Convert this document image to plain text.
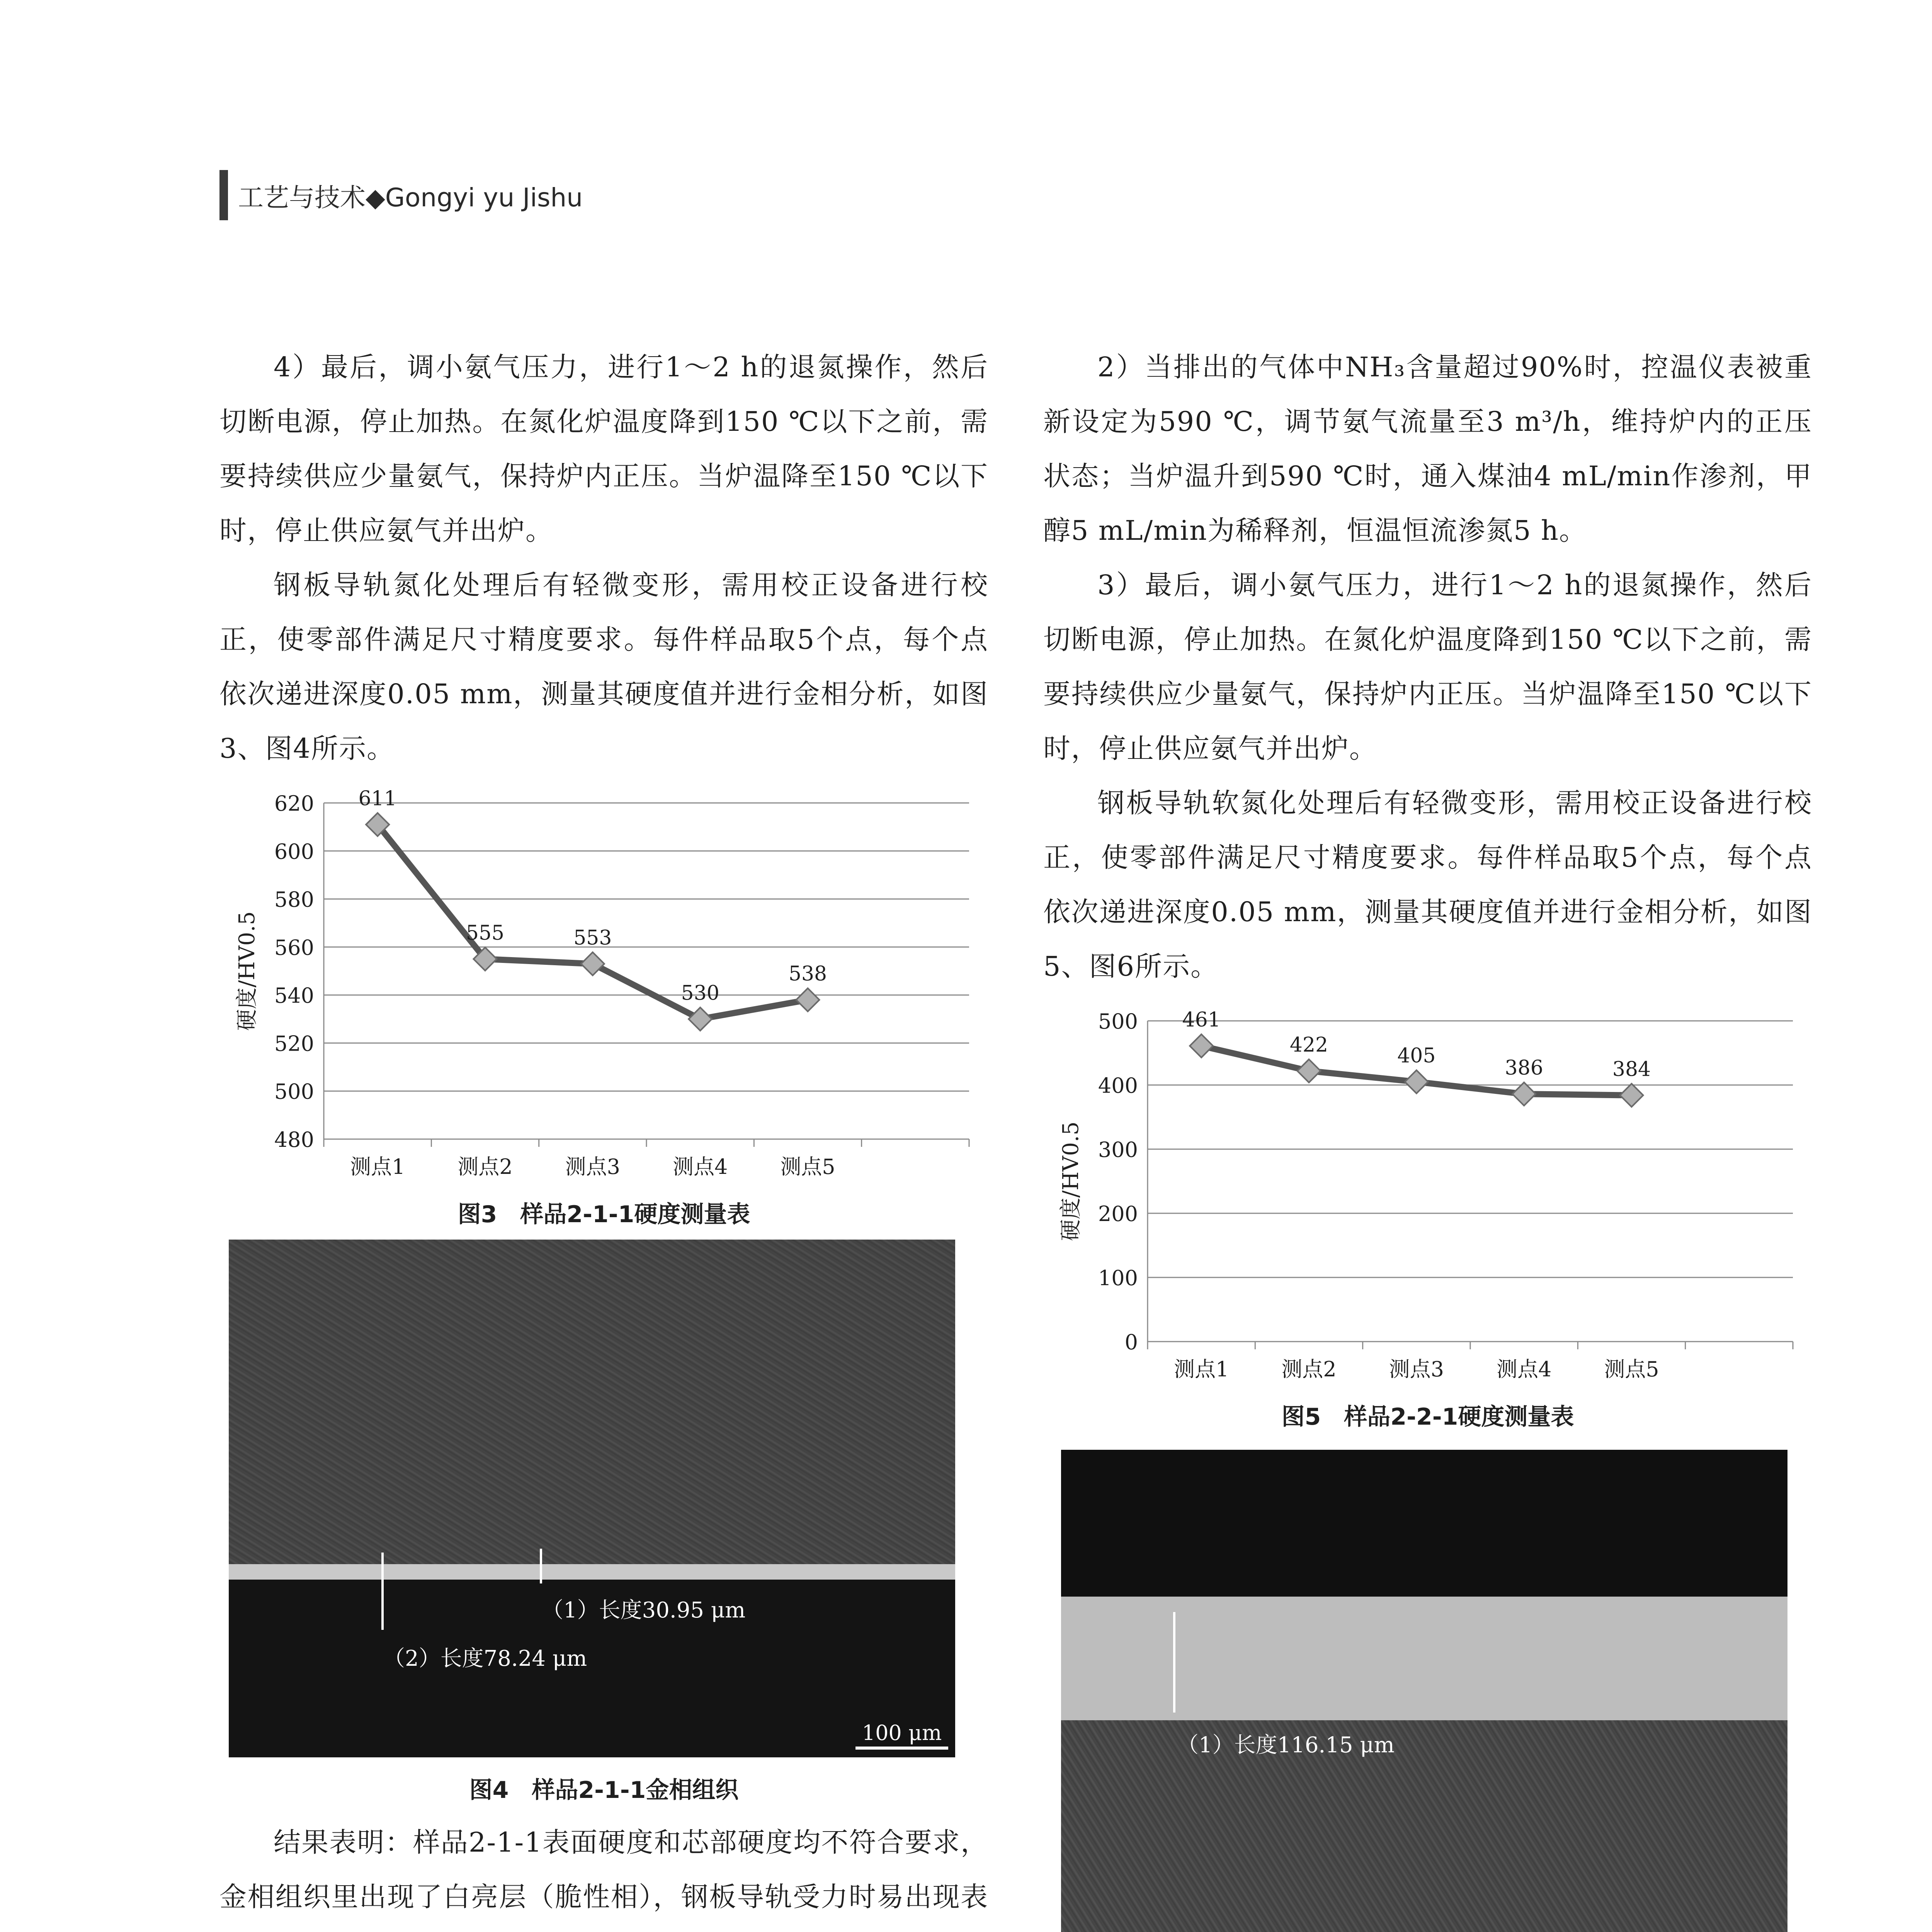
工艺与技术◆Gongyi yu Jishu

4）最后，调小氨气压力，进行1～2 h的退氮操作，然后切断电源，停止加热。在氮化炉温度降到150 ℃以下之前，需要持续供应少量氨气，保持炉内正压。当炉温降至150 ℃以下时，停止供应氨气并出炉。

钢板导轨氮化处理后有轻微变形，需用校正设备进行校正，使零部件满足尺寸精度要求。每件样品取5个点，每个点依次递进深度0.05 mm，测量其硬度值并进行金相分析，如图3、图4所示。

480
500
520
540
560
580
600
620
测点1	测点2	测点3	测点4	测点5
硬度/HV0.5
611
555	553
530
538
图3　样品2-1-1硬度测量表
（1）长度30.95 μm
（2）长度78.24 μm
100 μm
图4　样品2-1-1金相组织

结果表明：样品2-1-1表面硬度和芯部硬度均不符合要求，金相组织里出现了白亮层（脆性相），钢板导轨受力时易出现表

2）当排出的气体中NH₃含量超过90%时，控温仪表被重新设定为590 ℃，调节氨气流量至3 m³/h，维持炉内的正压状态；当炉温升到590 ℃时，通入煤油4 mL/min作渗剂，甲醇5 mL/min为稀释剂，恒温恒流渗氮5 h。

3）最后，调小氨气压力，进行1～2 h的退氮操作，然后切断电源，停止加热。在氮化炉温度降到150 ℃以下之前，需要持续供应少量氨气，保持炉内正压。当炉温降至150 ℃以下时，停止供应氨气并出炉。

钢板导轨软氮化处理后有轻微变形，需用校正设备进行校正，使零部件满足尺寸精度要求。每件样品取5个点，每个点依次递进深度0.05 mm，测量其硬度值并进行金相分析，如图5、图6所示。

0
100
200
300
400
500
测点1	测点2	测点3	测点4	测点5
硬度/HV0.5
461
422	405
386	384
图5　样品2-2-1硬度测量表
（1）长度116.15 μm
